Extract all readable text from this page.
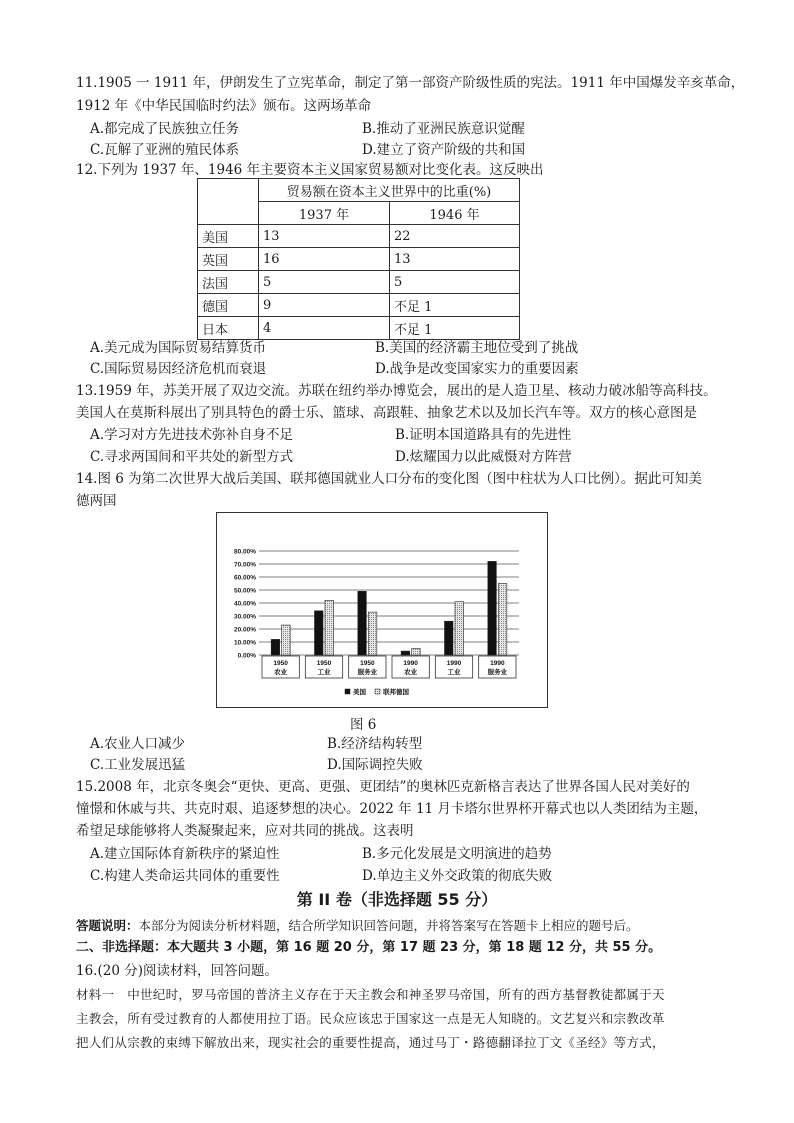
11.1905 一 1911 年，伊朗发生了立宪革命，制定了第一部资产阶级性质的宪法。1911 年中国爆发辛亥革命，
1912 年《中华民国临时约法》颁布。这两场革命
A.都完成了民族独立任务	B.推动了亚洲民族意识觉醒
C.瓦解了亚洲的殖民体系	D.建立了资产阶级的共和国
12.下列为 1937 年、1946 年主要资本主义国家贸易额对比变化表。这反映出
	贸易额在资本主义世界中的比重(%)	
	1937 年	1946 年
美国	13	22
英国	16	13
法国	5	5
德国	9	不足 1
日本	4	不足 1
A.美元成为国际贸易结算货币	B.美国的经济霸主地位受到了挑战
C.国际贸易因经济危机而衰退	D.战争是改变国家实力的重要因素
13.1959 年，苏美开展了双边交流。苏联在纽约举办博览会，展出的是人造卫星、核动力破冰船等高科技。
美国人在莫斯科展出了别具特色的爵士乐、篮球、高跟鞋、抽象艺术以及加长汽车等。双方的核心意图是
A.学习对方先进技术弥补自身不足	B.证明本国道路具有的先进性
C.寻求两国间和平共处的新型方式	D.炫耀国力以此威慑对方阵营
14.图 6 为第二次世界大战后美国、联邦德国就业人口分布的变化图（图中柱状为人口比例）。据此可知美
德两国
80.00%
70.00%
60.00%
50.00%
40.00%
30.00%
20.00%
10.00%
0.00%
1950
农业
1950
工业
1950
服务业
1990
农业
1990
工业
1990
服务业
美国	联邦德国
图 6
A.农业人口减少	B.经济结构转型
C.工业发展迅猛	D.国际调控失败
15.2008 年，北京冬奥会“更快、更高、更强、更团结”的奥林匹克新格言表达了世界各国人民对美好的
憧憬和休戚与共、共克时艰、追逐梦想的决心。2022 年 11 月卡塔尔世界杯开幕式也以人类团结为主题，
希望足球能够将人类凝聚起来，应对共同的挑战。这表明
A.建立国际体育新秩序的紧迫性	B.多元化发展是文明演进的趋势
C.构建人类命运共同体的重要性	D.单边主义外交政策的彻底失败
第 II 卷（非选择题 55 分）
答题说明：本部分为阅读分析材料题，结合所学知识回答问题，并将答案写在答题卡上相应的题号后。
二、非选择题：本大题共 3 小题，第 16 题 20 分，第 17 题 23 分，第 18 题 12 分，共 55 分。
16.(20 分)阅读材料，回答问题。
材料一　中世纪时，罗马帝国的普济主义存在于天主教会和神圣罗马帝国，所有的西方基督教徒都属于天
主教会，所有受过教育的人都使用拉丁语。民众应该忠于国家这一点是无人知晓的。文艺复兴和宗教改革
把人们从宗教的束缚下解放出来，现实社会的重要性提高，通过马丁・路德翻译拉丁文《圣经》等方式，
